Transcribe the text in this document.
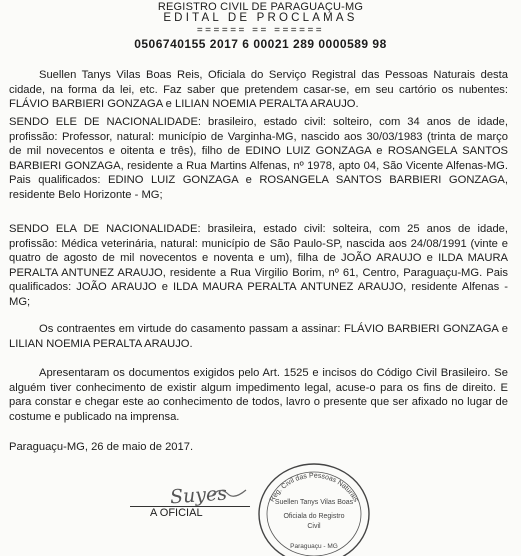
REGISTRO CIVIL DE PARAGUAÇU-MG
EDITAL DE PROCLAMAS
====== == ======
0506740155 2017 6 00021 289 0000589 98
Suellen Tanys Vilas Boas Reis, Oficiala do Serviço Registral das Pessoas Naturais desta cidade, na forma da lei, etc. Faz saber que pretendem casar-se, em seu cartório os nubentes: FLÁVIO BARBIERI GONZAGA e LILIAN NOEMIA PERALTA ARAUJO.
SENDO ELE DE NACIONALIDADE: brasileiro, estado civil: solteiro, com 34 anos de idade, profissão: Professor, natural: município de Varginha-MG, nascido aos 30/03/1983 (trinta de março de mil novecentos e oitenta e três), filho de EDINO LUIZ GONZAGA e ROSANGELA SANTOS BARBIERI GONZAGA, residente a Rua Martins Alfenas, nº 1978, apto 04, São Vicente Alfenas-MG. Pais qualificados: EDINO LUIZ GONZAGA e ROSANGELA SANTOS BARBIERI GONZAGA, residente Belo Horizonte - MG;
SENDO ELA DE NACIONALIDADE: brasileira, estado civil: solteira, com 25 anos de idade, profissão: Médica veterinária, natural: município de São Paulo-SP, nascida aos 24/08/1991 (vinte e quatro de agosto de mil novecentos e noventa e um), filha de JOÃO ARAUJO e ILDA MAURA PERALTA ANTUNEZ ARAUJO, residente a Rua Virgilio Borim, nº 61, Centro, Paraguaçu-MG. Pais qualificados: JOÃO ARAUJO e ILDA MAURA PERALTA ANTUNEZ ARAUJO, residente Alfenas - MG;
Os contraentes em virtude do casamento passam a assinar: FLÁVIO BARBIERI GONZAGA e LILIAN NOEMIA PERALTA ARAUJO.
Apresentaram os documentos exigidos pelo Art. 1525 e incisos do Código Civil Brasileiro. Se alguém tiver conhecimento de existir algum impedimento legal, acuse-o para os fins de direito. E para constar e chegar este ao conhecimento de todos, lavro o presente que ser afixado no lugar de costume e publicado na imprensa.
Paraguaçu-MG, 26 de maio de 2017.
Suyes
A OFICIAL
Reg. Civil das Pessoas Naturais
Suellen Tanys Vilas Boas
Oficiala do Registro
Civil
Paraguaçu - MG
